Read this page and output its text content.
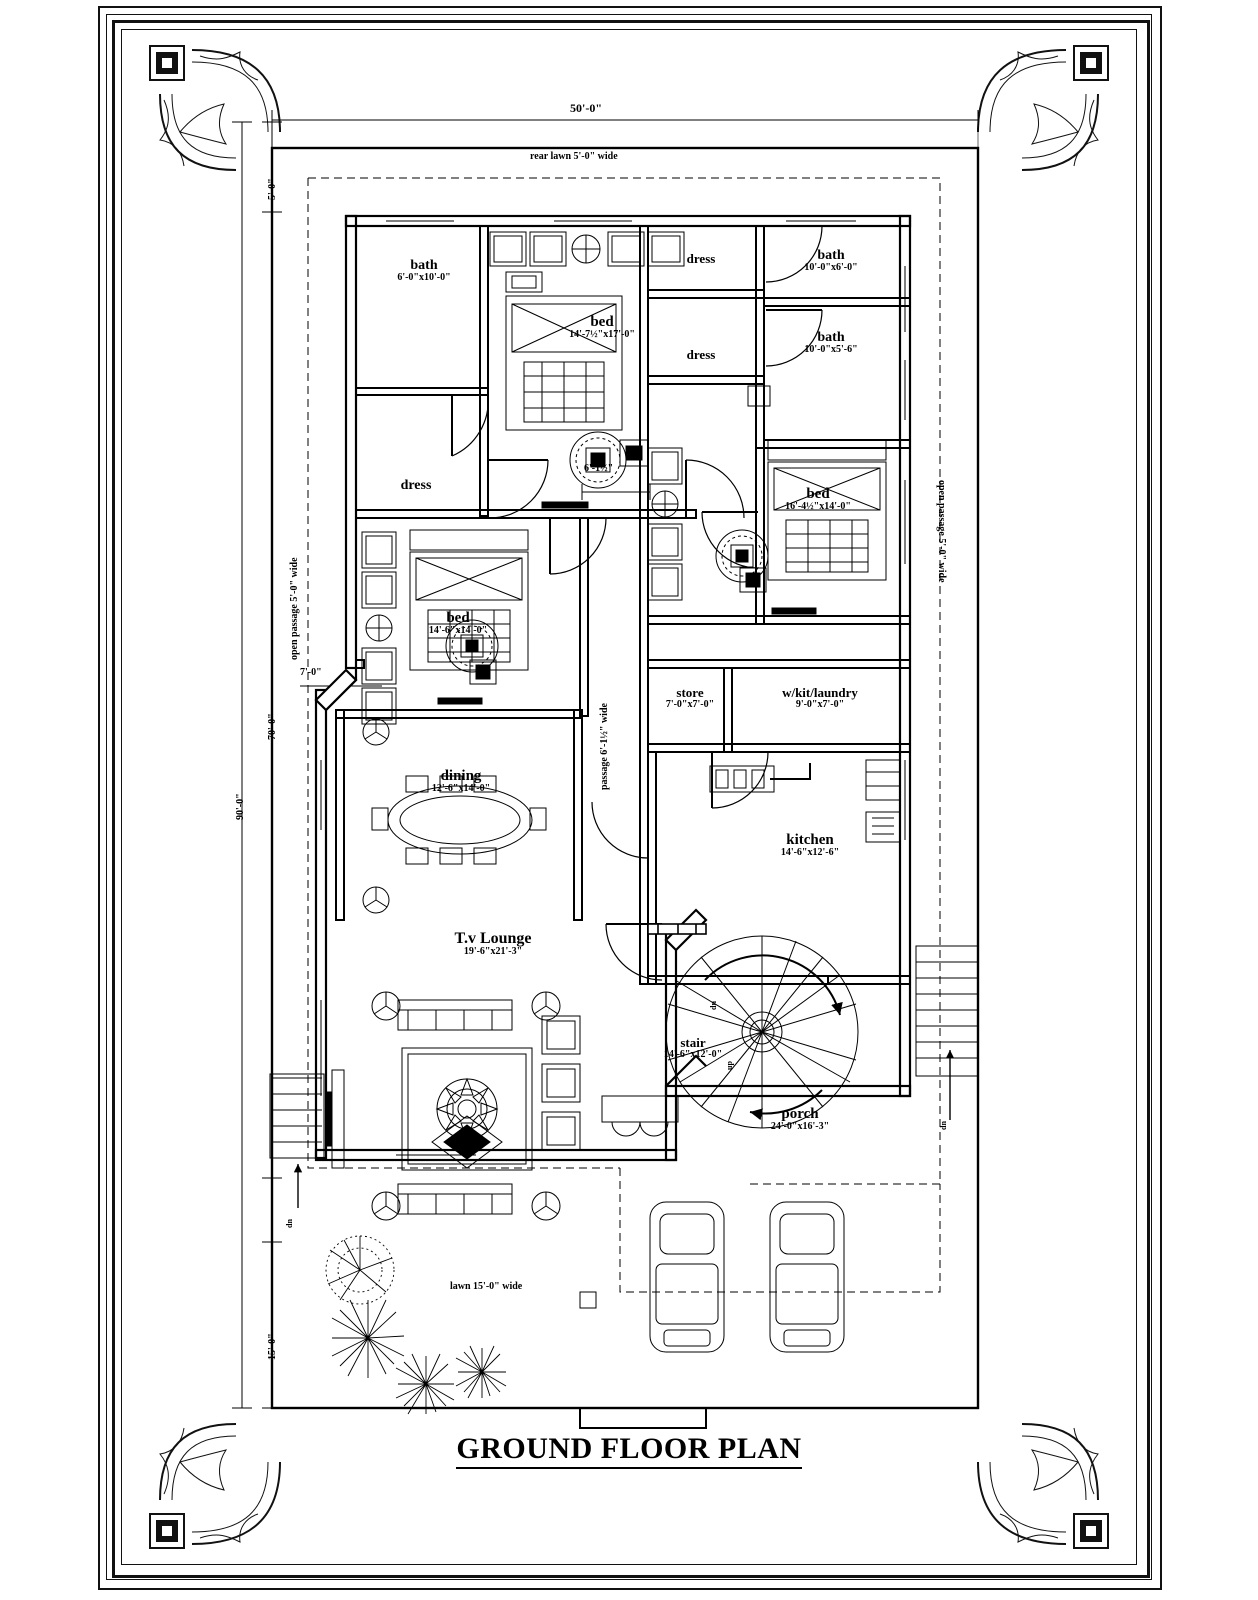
50'-0"
90'-0"
5'-0"
70'-0"
15'-0"
7'-0"
6'-1½"
rear lawn 5'-0" wide
lawn 15'-0" wide
open passage 5'-0" wide
open passage 5'-0" wide
passage 6'-1½" wide
bath
6'-0"x10'-0"
dress
bed
14'-7½"x17'-0"
dress
dress
bath
10'-0"x6'-0"
bath
10'-0"x5'-6"
bed
16'-4½"x14'-0"
bed
14'-6"x14'-0"
store
7'-0"x7'-0"
w/kit/laundry
9'-0"x7'-0"
dining
12'-6"x14'-0"
kitchen
14'-6"x12'-6"
T.v Lounge
19'-6"x21'-3"
stair
14'-6"x12'-0"
porch
24'-0"x16'-3"
dn
up
dn
dn
GROUND FLOOR PLAN
